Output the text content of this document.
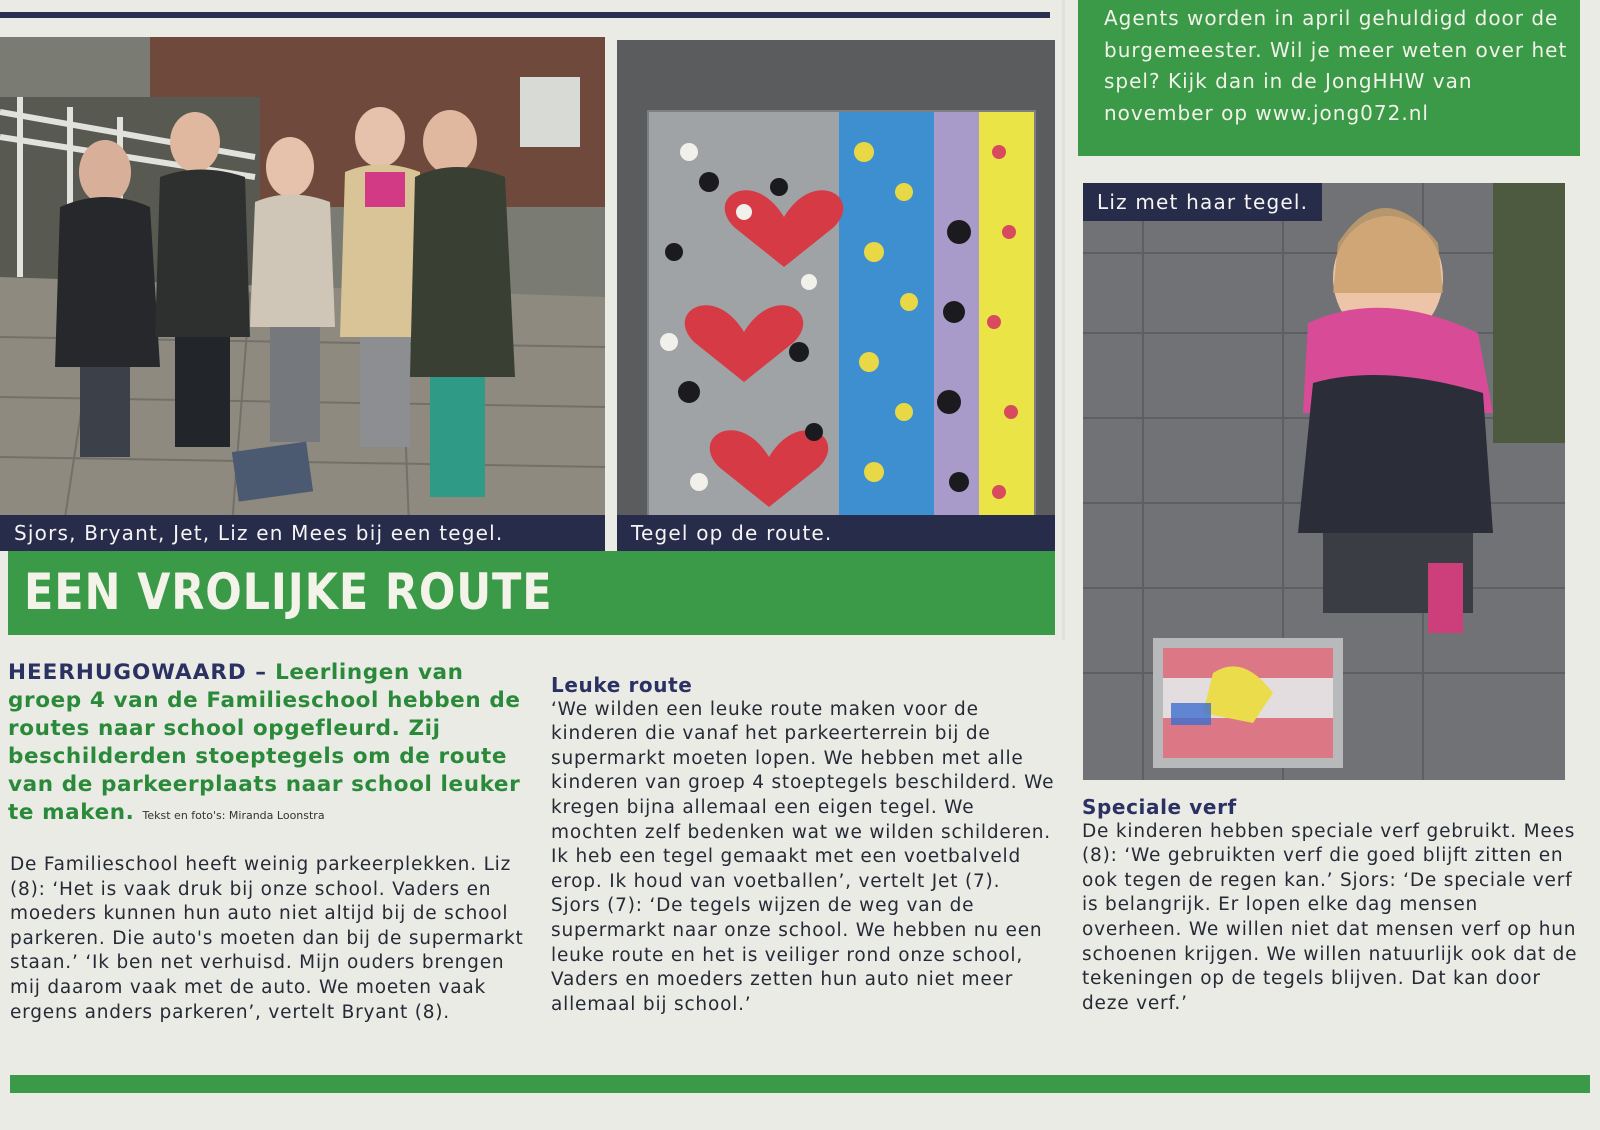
Sjors, Bryant, Jet, Liz en Mees bij een tegel.	Tegel op de route.

Agents worden in april gehuldigd door de burgemeester. Wil je meer weten over het spel? Kijk dan in de JongHHW van november op www.jong072.nl

Liz met haar tegel.
EEN VROLIJKE ROUTE
HEERHUGOWAARD – Leerlingen van groep 4 van de Familieschool hebben de routes naar school opgefleurd. Zij beschilderden stoeptegels om de route van de parkeerplaats naar school leuker te maken. Tekst en foto's: Miranda Loonstra

De Familieschool heeft weinig parkeerplekken. Liz (8): ‘Het is vaak druk bij onze school. Vaders en moeders kunnen hun auto niet altijd bij de school parkeren. Die auto's moeten dan bij de supermarkt staan.’ ‘Ik ben net verhuisd. Mijn ouders brengen mij daarom vaak met de auto. We moeten vaak ergens anders parkeren’, vertelt Bryant (8).

Leuke route

‘We wilden een leuke route maken voor de kinderen die vanaf het parkeerterrein bij de supermarkt moeten lopen. We hebben met alle kinderen van groep 4 stoeptegels beschilderd. We kregen bijna allemaal een eigen tegel. We mochten zelf bedenken wat we wilden schilderen. Ik heb een tegel gemaakt met een voetbalveld erop. Ik houd van voetballen’, vertelt Jet (7). Sjors (7): ‘De tegels wijzen de weg van de supermarkt naar onze school. We hebben nu een leuke route en het is veiliger rond onze school, Vaders en moeders zetten hun auto niet meer allemaal bij school.’

Speciale verf

De kinderen hebben speciale verf gebruikt. Mees (8): ‘We gebruikten verf die goed blijft zitten en ook tegen de regen kan.’ Sjors: ‘De speciale verf is belangrijk. Er lopen elke dag mensen overheen. We willen niet dat mensen verf op hun schoenen krijgen. We willen natuurlijk ook dat de tekeningen op de tegels blijven. Dat kan door deze verf.’
